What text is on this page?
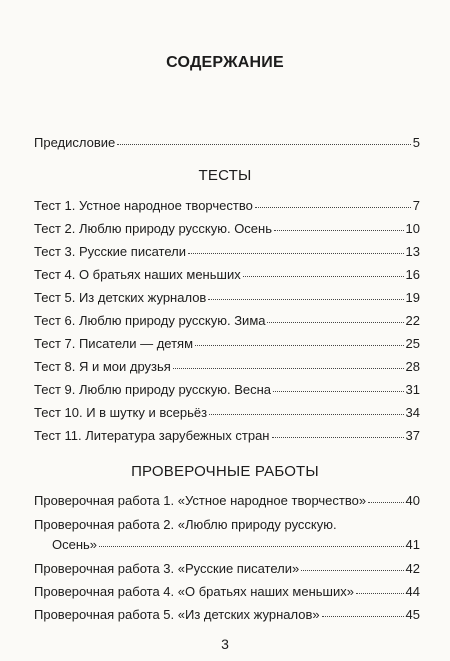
СОДЕРЖАНИЕ
Предисловие	5
ТЕСТЫ
Тест 1. Устное народное творчество	7
Тест 2. Люблю природу русскую. Осень	10
Тест 3. Русские писатели	13
Тест 4. О братьях наших меньших	16
Тест 5. Из детских журналов	19
Тест 6. Люблю природу русскую. Зима	22
Тест 7. Писатели — детям	25
Тест 8. Я и мои друзья	28
Тест 9. Люблю природу русскую. Весна	31
Тест 10. И в шутку и всерьёз	34
Тест 11. Литература зарубежных стран	37
ПРОВЕРОЧНЫЕ РАБОТЫ
Проверочная работа 1. «Устное народное творчество»	40
Проверочная работа 2. «Люблю природу русскую.
Осень»	41
Проверочная работа 3. «Русские писатели»	42
Проверочная работа 4. «О братьях наших меньших»	44
Проверочная работа 5. «Из детских журналов»	45
3
